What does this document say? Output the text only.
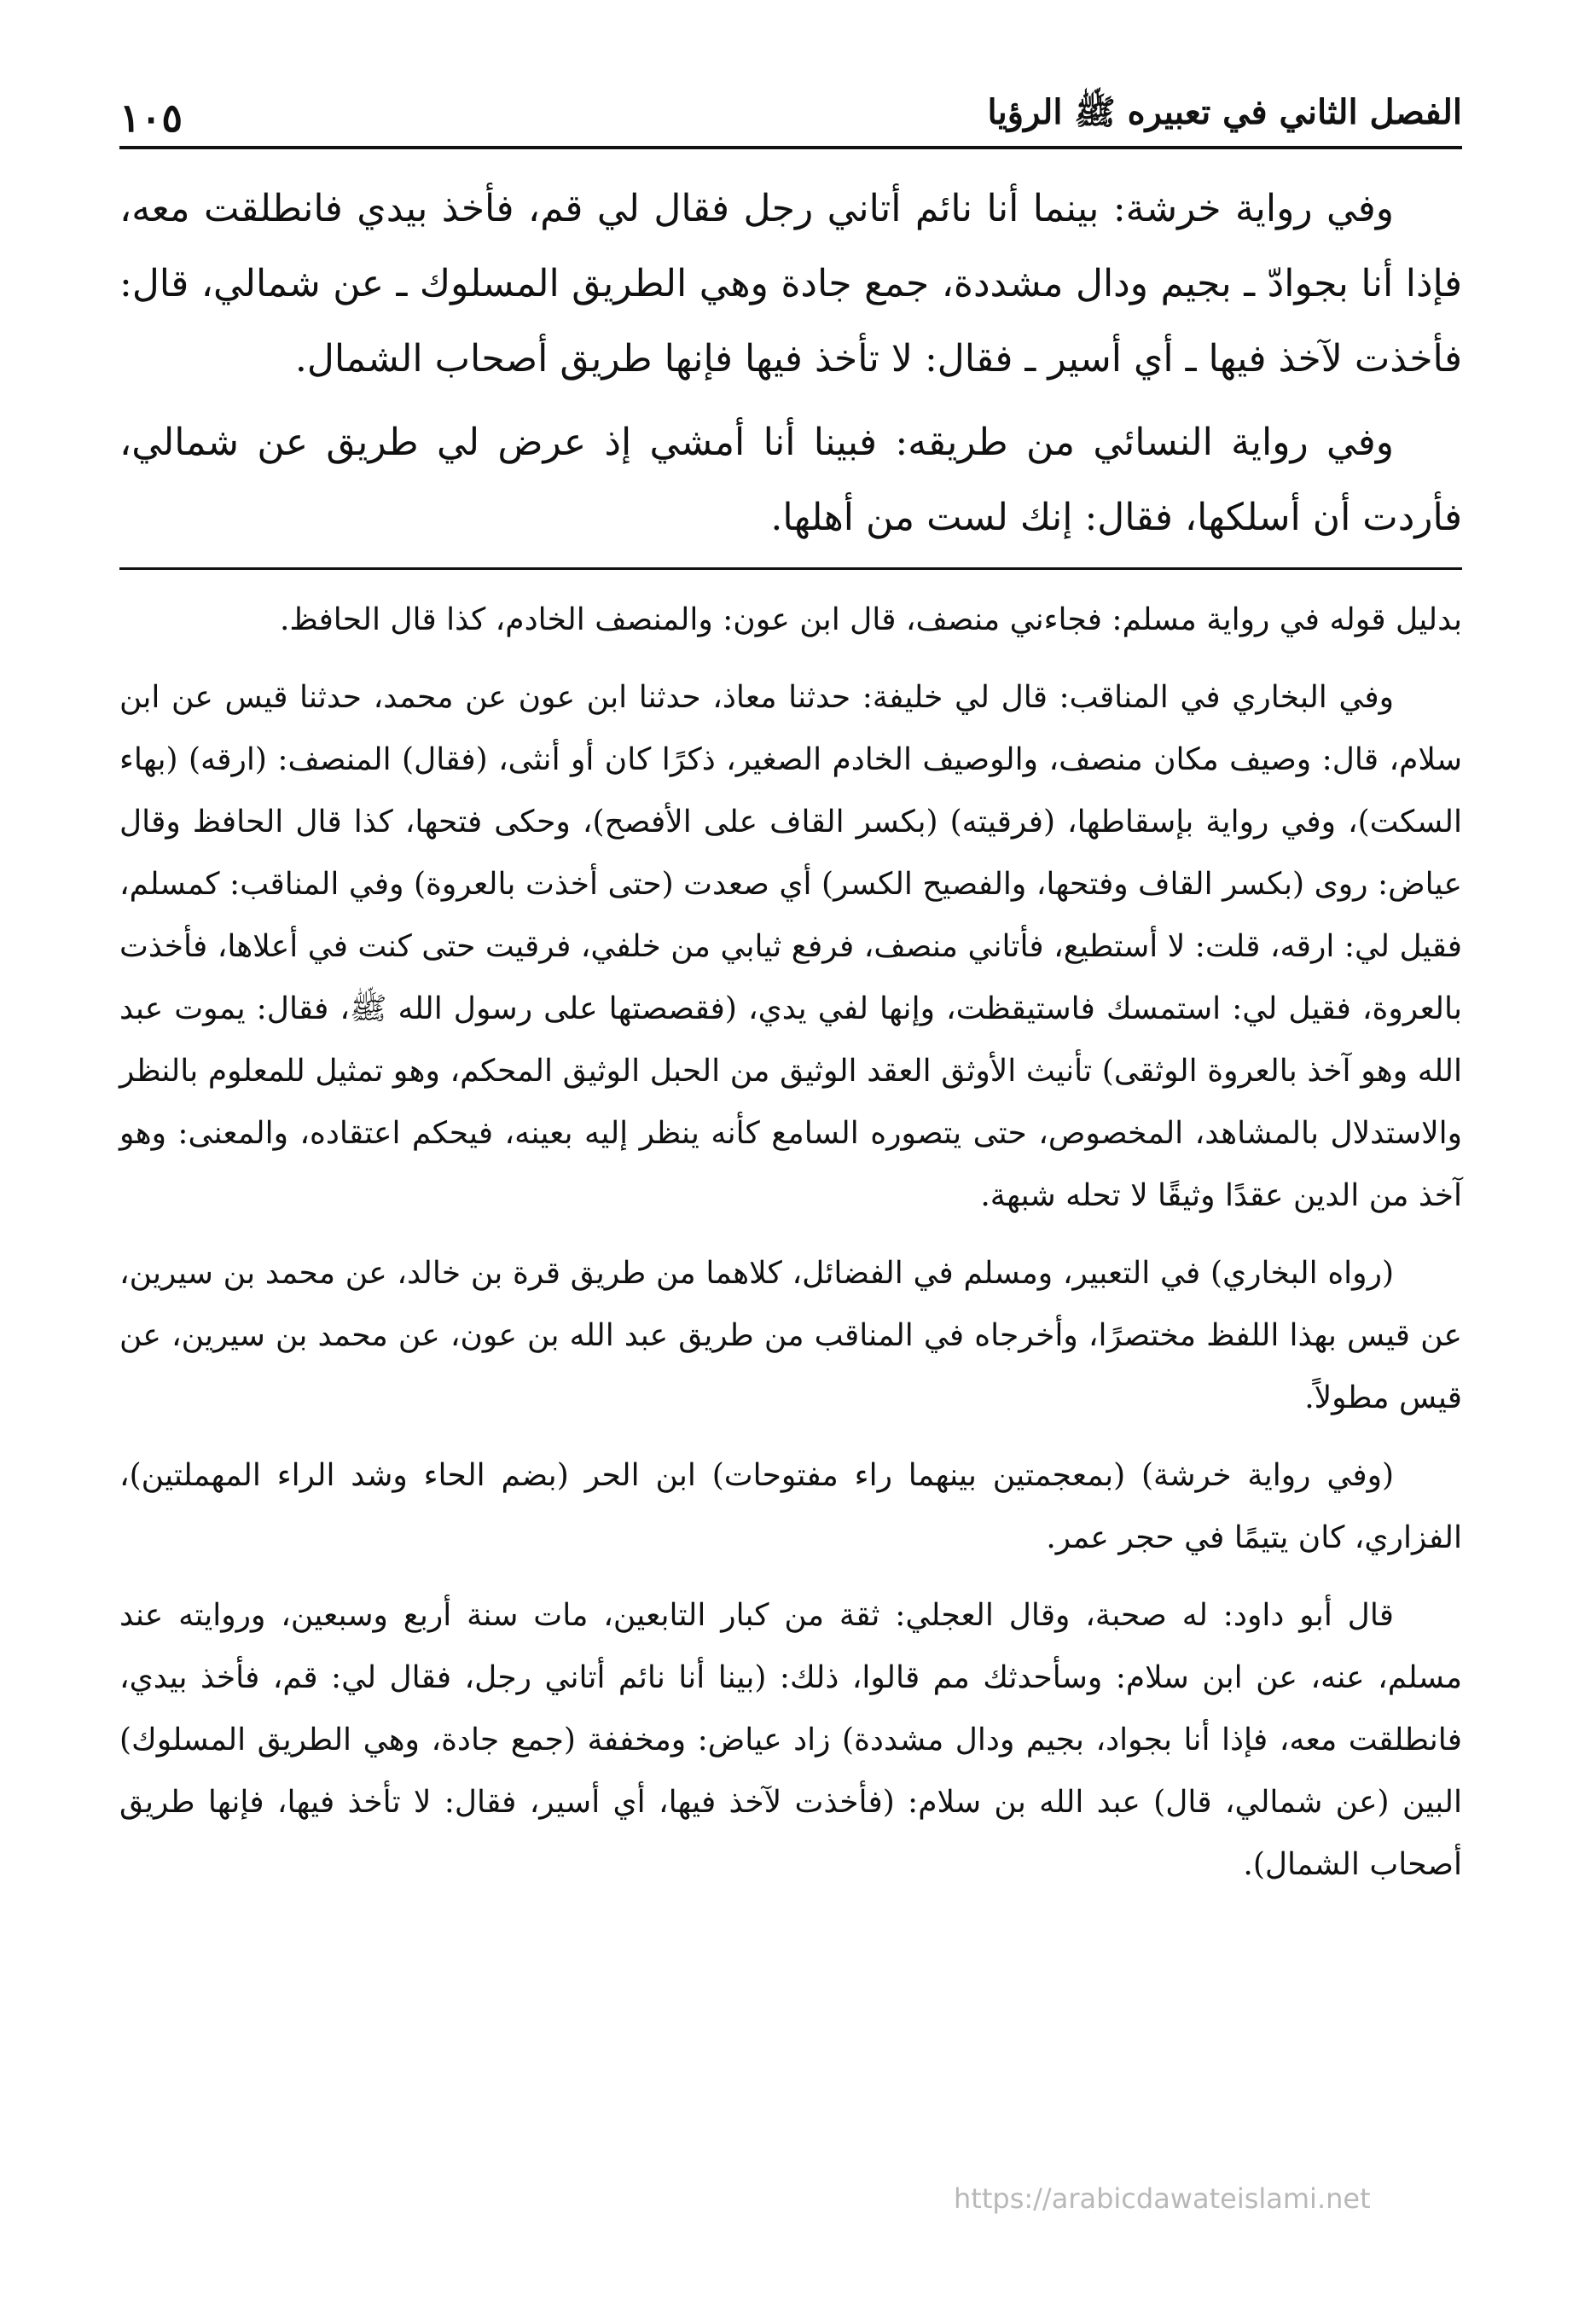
الفصل الثاني في تعبيره ﷺ الرؤيا
١٠٥

وفي رواية خرشة: بينما أنا نائم أتاني رجل فقال لي قم، فأخذ بيدي فانطلقت معه، فإذا أنا بجوادّ ـ بجيم ودال مشددة، جمع جادة وهي الطريق المسلوك ـ عن شمالي، قال: فأخذت لآخذ فيها ـ أي أسير ـ فقال: لا تأخذ فيها فإنها طريق أصحاب الشمال.

وفي رواية النسائي من طريقه: فبينا أنا أمشي إذ عرض لي طريق عن شمالي، فأردت أن أسلكها، فقال: إنك لست من أهلها.

بدليل قوله في رواية مسلم: فجاءني منصف، قال ابن عون: والمنصف الخادم، كذا قال الحافظ.

وفي البخاري في المناقب: قال لي خليفة: حدثنا معاذ، حدثنا ابن عون عن محمد، حدثنا قيس عن ابن سلام، قال: وصيف مكان منصف، والوصيف الخادم الصغير، ذكرًا كان أو أنثى، (فقال) المنصف: (ارقه) (بهاء السكت)، وفي رواية بإسقاطها، (فرقيته) (بكسر القاف على الأفصح)، وحكى فتحها، كذا قال الحافظ وقال عياض: روى (بكسر القاف وفتحها، والفصيح الكسر) أي صعدت (حتى أخذت بالعروة) وفي المناقب: كمسلم، فقيل لي: ارقه، قلت: لا أستطيع، فأتاني منصف، فرفع ثيابي من خلفي، فرقيت حتى كنت في أعلاها، فأخذت بالعروة، فقيل لي: استمسك فاستيقظت، وإنها لفي يدي، (فقصصتها على رسول الله ﷺ، فقال: يموت عبد الله وهو آخذ بالعروة الوثقى) تأنيث الأوثق العقد الوثيق من الحبل الوثيق المحكم، وهو تمثيل للمعلوم بالنظر والاستدلال بالمشاهد، المخصوص، حتى يتصوره السامع كأنه ينظر إليه بعينه، فيحكم اعتقاده، والمعنى: وهو آخذ من الدين عقدًا وثيقًا لا تحله شبهة.

(رواه البخاري) في التعبير، ومسلم في الفضائل، كلاهما من طريق قرة بن خالد، عن محمد بن سيرين، عن قيس بهذا اللفظ مختصرًا، وأخرجاه في المناقب من طريق عبد الله بن عون، عن محمد بن سيرين، عن قيس مطولاً.

(وفي رواية خرشة) (بمعجمتين بينهما راء مفتوحات) ابن الحر (بضم الحاء وشد الراء المهملتين)، الفزاري، كان يتيمًا في حجر عمر.

قال أبو داود: له صحبة، وقال العجلي: ثقة من كبار التابعين، مات سنة أربع وسبعين، وروايته عند مسلم، عنه، عن ابن سلام: وسأحدثك مم قالوا، ذلك: (بينا أنا نائم أتاني رجل، فقال لي: قم، فأخذ بيدي، فانطلقت معه، فإذا أنا بجواد، بجيم ودال مشددة) زاد عياض: ومخففة (جمع جادة، وهي الطريق المسلوك) البين (عن شمالي، قال) عبد الله بن سلام: (فأخذت لآخذ فيها، أي أسير، فقال: لا تأخذ فيها، فإنها طريق أصحاب الشمال).

https://arabicdawateislami.net
